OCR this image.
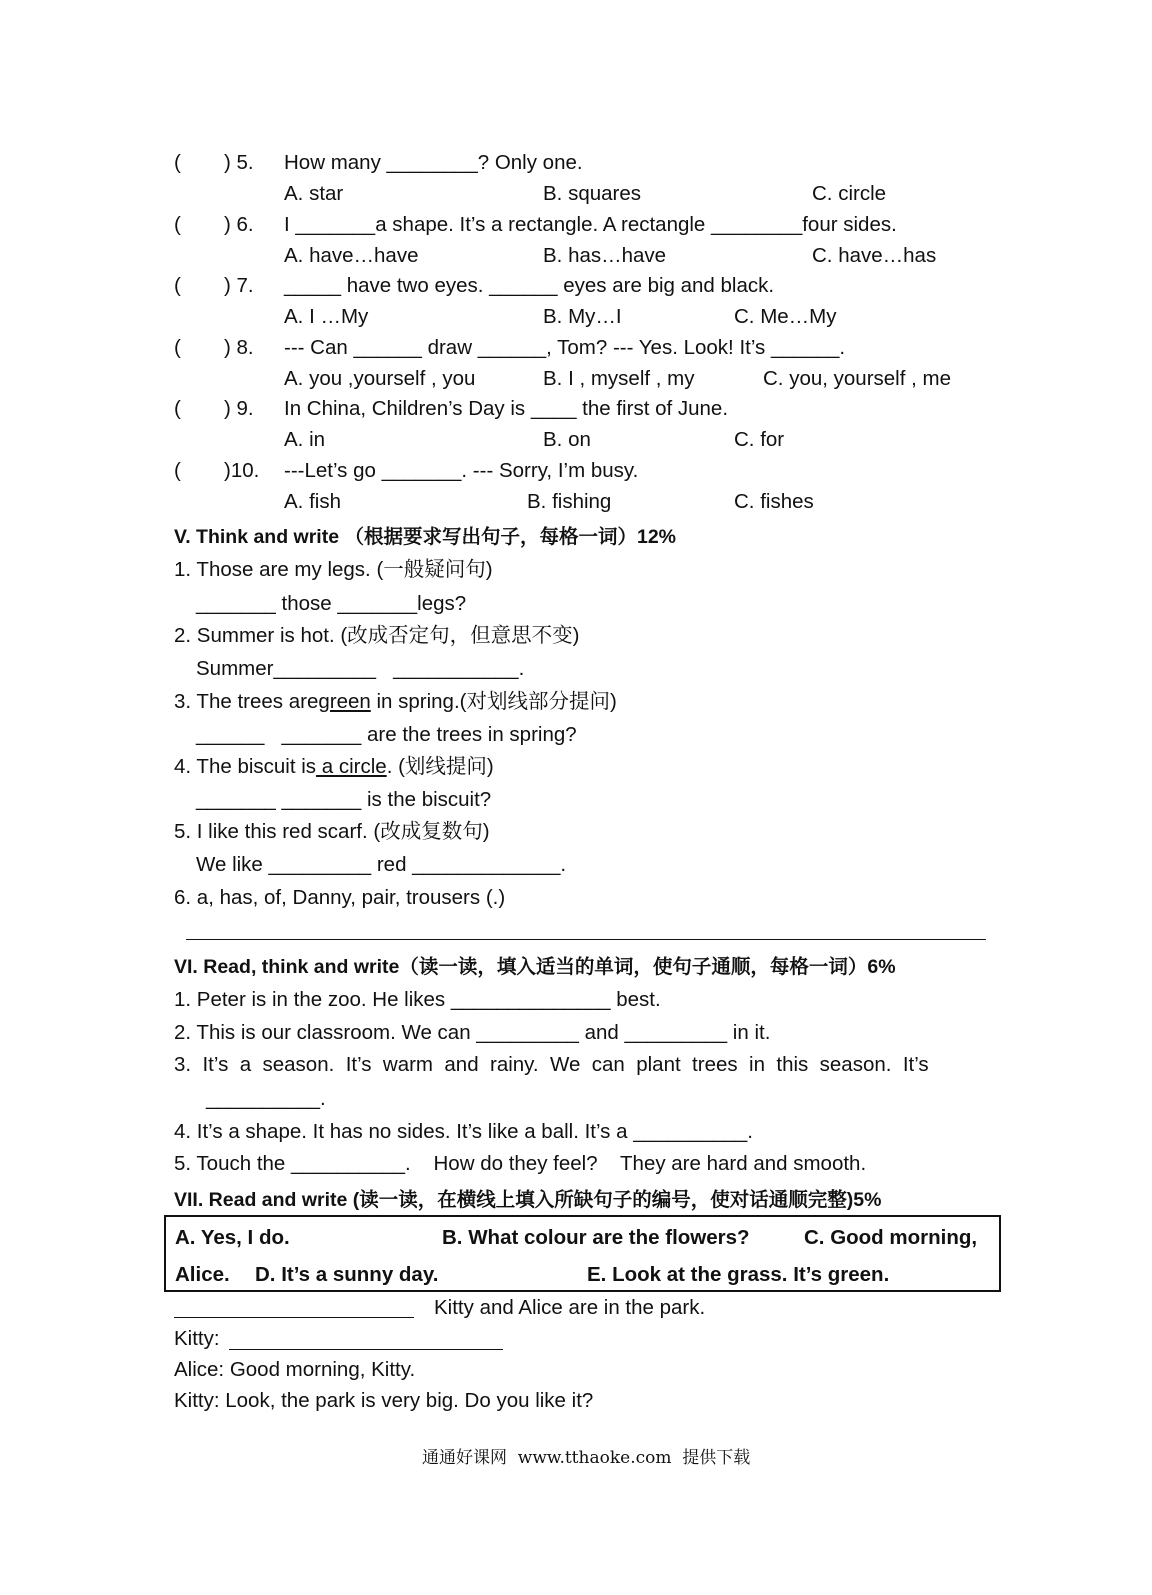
( ) 5. How many ________? Only one.
A. star	B. squares	C. circle
( ) 6. I _______a shape. It’s a rectangle. A rectangle ________four sides.
A. have…have	B. has…have	C. have…has
( ) 7. _____ have two eyes. ______ eyes are big and black.
A. I …My	B. My…I	C. Me…My
( ) 8. --- Can ______ draw ______, Tom? --- Yes. Look! It’s ______.
A. you ,yourself , you	B. I , myself , my	C. you, yourself , me
( ) 9. In China, Children’s Day is ____ the first of June.
A. in	B. on	C. for
( )10. ---Let’s go _______. --- Sorry, I’m busy.
A. fish	B. fishing	C. fishes
V. Think and write （根据要求写出句子，每格一词）12%
1. Those are my legs. (一般疑问句)
_______ those _______legs?
2. Summer is hot. (改成否定句，但意思不变)
Summer_________   ___________.
3. The trees aregreen in spring.(对划线部分提问)
______   _______ are the trees in spring?
4. The biscuit is a circle. (划线提问)
_______ _______ is the biscuit?
5. I like this red scarf. (改成复数句)
We like _________ red _____________.
6. a, has, of, Danny, pair, trousers (.)
VI. Read, think and write（读一读，填入适当的单词，使句子通顺，每格一词）6%
1. Peter is in the zoo. He likes ______________ best.
2. This is our classroom. We can _________ and _________ in it.
3.  It’s  a  season.  It’s  warm  and  rainy.  We  can  plant  trees  in  this  season.  It’s
__________.
4. It’s a shape. It has no sides. It’s like a ball. It’s a __________.
5. Touch the __________.    How do they feel?    They are hard and smooth.
VII. Read and write (读一读，在横线上填入所缺句子的编号，使对话通顺完整)5%
A. Yes, I do.	B. What colour are the flowers?	C. Good morning,
Alice. D. It’s a sunny day.	E. Look at the grass. It’s green.
Kitty and Alice are in the park.
Kitty:
Alice: Good morning, Kitty.
Kitty: Look, the park is very big. Do you like it?
通通好课网  www.tthaoke.com  提供下载
